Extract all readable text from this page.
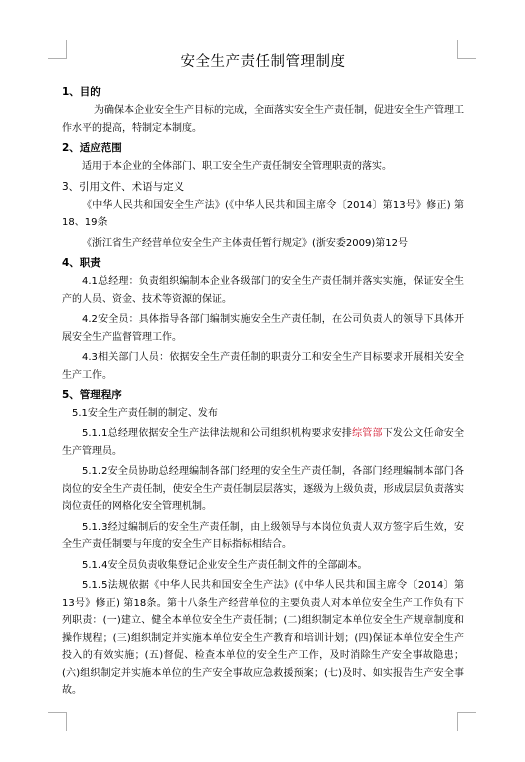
安全生产责任制管理制度
1、目的

为确保本企业安全生产目标的完成，全面落实安全生产责任制，促进安全生产管理工作水平的提高，特制定本制度。

2、适应范围

适用于本企业的全体部门、职工安全生产责任制安全管理职责的落实。

3、引用文件、术语与定义

《中华人民共和国安全生产法》(《中华人民共和国主席令〔2014〕第13号》修正) 第18、19条

《浙江省生产经营单位安全生产主体责任暂行规定》(浙安委2009)第12号

4、职责

4.1总经理：负责组织编制本企业各级部门的安全生产责任制并落实实施，保证安全生产的人员、资金、技术等资源的保证。

4.2安全员：具体指导各部门编制实施安全生产责任制，在公司负责人的领导下具体开展安全生产监督管理工作。

4.3相关部门人员：依据安全生产责任制的职责分工和安全生产目标要求开展相关安全生产工作。

5、管理程序
5.1安全生产责任制的制定、发布

5.1.1总经理依据安全生产法律法规和公司组织机构要求安排综管部下发公文任命安全生产管理员。

5.1.2安全员协助总经理编制各部门经理的安全生产责任制，各部门经理编制本部门各岗位的安全生产责任制，使安全生产责任制层层落实，逐级为上级负责，形成层层负责落实岗位责任的网格化安全管理机制。

5.1.3经过编制后的安全生产责任制，由上级领导与本岗位负责人双方签字后生效，安全生产责任制要与年度的安全生产目标指标相结合。

5.1.4安全员负责收集登记企业安全生产责任制文件的全部副本。

5.1.5法规依据《中华人民共和国安全生产法》(《中华人民共和国主席令〔2014〕第13号》修正) 第18条。第十八条生产经营单位的主要负责人对本单位安全生产工作负有下列职责：(一)建立、健全本单位安全生产责任制；(二)组织制定本单位安全生产规章制度和操作规程；(三)组织制定并实施本单位安全生产教育和培训计划；(四)保证本单位安全生产投入的有效实施；(五)督促、检查本单位的安全生产工作，及时消除生产安全事故隐患；(六)组织制定并实施本单位的生产安全事故应急救援预案；(七)及时、如实报告生产安全事故。
